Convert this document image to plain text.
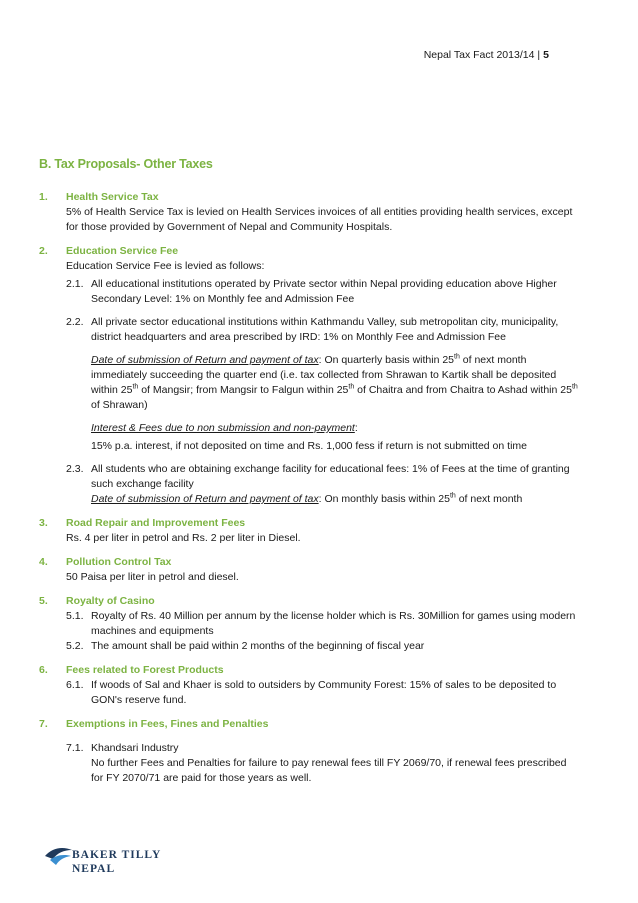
Nepal Tax Fact 2013/14 | 5
B. Tax Proposals- Other Taxes
1.	Health Service Tax
5% of Health Service Tax is levied on Health Services invoices of all entities providing health services, except for those provided by Government of Nepal and Community Hospitals.
2.	Education Service Fee
Education Service Fee is levied as follows:
2.1. All educational institutions operated by Private sector within Nepal providing education above Higher Secondary Level: 1% on Monthly fee and Admission Fee
2.2. All private sector educational institutions within Kathmandu Valley, sub metropolitan city, municipality, district headquarters and area prescribed by IRD: 1% on Monthly Fee and Admission Fee
Date of submission of Return and payment of tax: On quarterly basis within 25th of next month immediately succeeding the quarter end (i.e. tax collected from Shrawan to Kartik shall be deposited within 25th of Mangsir; from Mangsir to Falgun within 25th of Chaitra and from Chaitra to Ashad within 25th of Shrawan)
Interest & Fees due to non submission and non-payment:
15% p.a. interest, if not deposited on time and Rs. 1,000 fess if return is not submitted on time
2.3. All students who are obtaining exchange facility for educational fees: 1% of Fees at the time of granting such exchange facility
Date of submission of Return and payment of tax: On monthly basis within 25th of next month
3.	Road Repair and Improvement Fees
Rs. 4 per liter in petrol and Rs. 2 per liter in Diesel.
4.	Pollution Control Tax
50 Paisa per liter in petrol and diesel.
5.	Royalty of Casino
5.1. Royalty of Rs. 40 Million per annum by the license holder which is Rs. 30Million for games using modern machines and equipments
5.2. The amount shall be paid within 2 months of the beginning of fiscal year
6.	Fees related to Forest Products
6.1. If woods of Sal and Khaer is sold to outsiders by Community Forest: 15% of sales to be deposited to GON's reserve fund.
7.	Exemptions in Fees, Fines and Penalties
7.1. Khandsari Industry
No further Fees and Penalties for failure to pay renewal fees till FY 2069/70, if renewal fees prescribed for FY 2070/71 are paid for those years as well.
BAKER TILLY
NEPAL
